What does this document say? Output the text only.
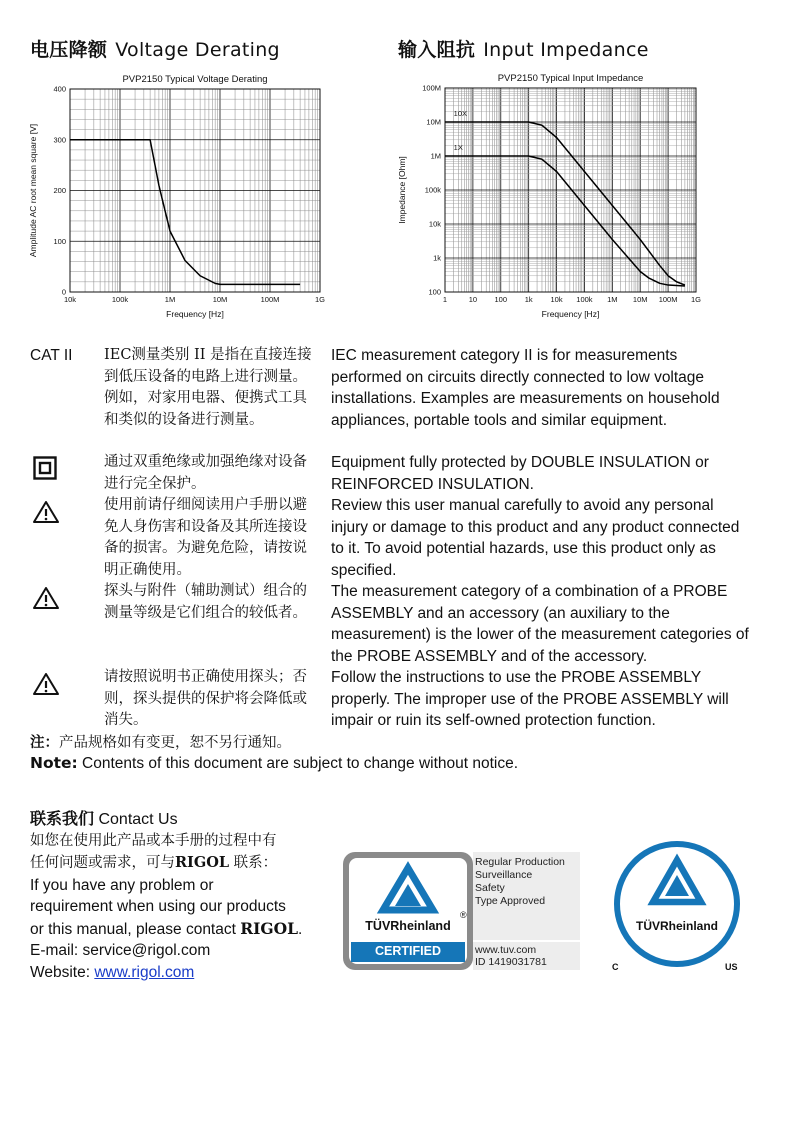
电压降额 Voltage Derating	输入阻抗 Input Impedance
10k	100k	1M	10M	100M	1G
0
100
200
300
400
PVP2150 Typical Voltage Derating
Frequency [Hz]
Amplitude AC root mean square [V]
1	10 100 1k 10k 100k 1M 10M 100M 1G
100
1k
10k
100k
1M
10M
100M
PVP2150 Typical Input Impedance
Frequency [Hz]
Impedance [Ohm]
10X
1X
CAT II IEC测量类别 II 是指在直接连接到低压设备的电路上进行测量。例如，对家用电器、便携式工具和类似的设备进行测量。
IEC measurement category II is for measurements performed on circuits directly connected to low voltage installations. Examples are measurements on household appliances, portable tools and similar equipment.
通过双重绝缘或加强绝缘对设备进行完全保护。
Equipment fully protected by DOUBLE INSULATION or REINFORCED INSULATION.
使用前请仔细阅读用户手册以避免人身伤害和设备及其所连接设备的损害。为避免危险，请按说明正确使用。
Review this user manual carefully to avoid any personal injury or damage to this product and any product connected to it. To avoid potential hazards, use this product only as specified.
探头与附件（辅助测试）组合的测量等级是它们组合的较低者。
The measurement category of a combination of a PROBE ASSEMBLY and an accessory (an auxiliary to the measurement) is the lower of the measurement categories of the PROBE ASSEMBLY and of the accessory.
请按照说明书正确使用探头；否则，探头提供的保护将会降低或消失。
Follow the instructions to use the PROBE ASSEMBLY properly. The improper use of the PROBE ASSEMBLY will impair or ruin its self-owned protection function.
注：产品规格如有变更，恕不另行通知。
Note: Contents of this document are subject to change without notice.
联系我们 Contact Us
如您在使用此产品或本手册的过程中有
任何问题或需求，可与RIGOL 联系：
If you have any problem or
requirement when using our products
or this manual, please contact RIGOL.
E-mail: service@rigol.com
Website: www.rigol.com
TÜVRheinland
®
CERTIFIED
Regular Production
Surveillance
Safety
Type Approved
www.tuv.com
ID 1419031781
TÜVRheinland
C	US
